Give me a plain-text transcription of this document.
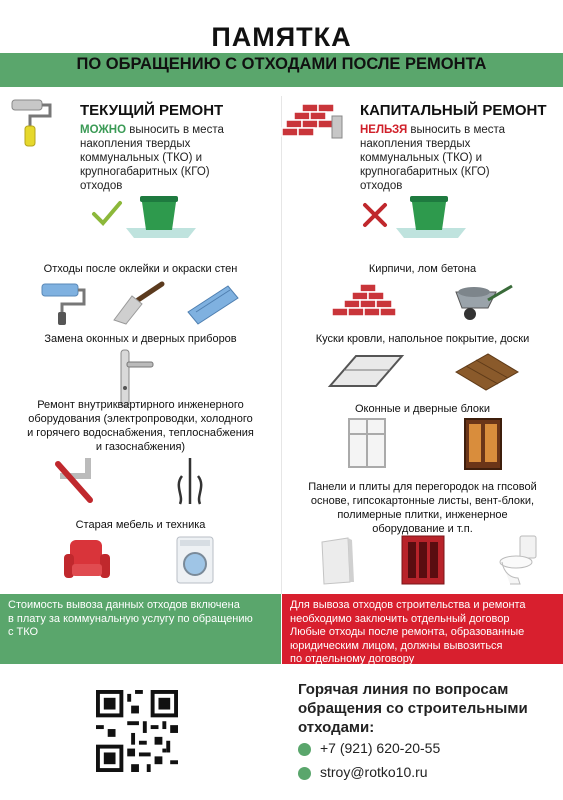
ПАМЯТКА
ПО ОБРАЩЕНИЮ С ОТХОДАМИ ПОСЛЕ РЕМОНТА
ТЕКУЩИЙ РЕМОНТ
МОЖНО выносить в места
накопления твердых
коммунальных (ТКО) и
крупногабаритных (КГО)
отходов
Отходы после оклейки и окраски стен
Замена оконных и дверных приборов
Ремонт внутриквартирного инженерного
оборудования (электропроводки, холодного
и горячего водоснабжения, теплоснабжения
и газоснабжения)
Старая мебель и техника
КАПИТАЛЬНЫЙ РЕМОНТ
НЕЛЬЗЯ выносить в места
накопления твердых
коммунальных (ТКО) и
крупногабаритных (КГО)
отходов
Кирпичи, лом бетона
Куски кровли, напольное покрытие, доски
Оконные и дверные блоки
Панели и плиты для перегородок на гпсовой
основе, гипсокартонные листы, вент-блоки,
полимерные плитки, инженерное
оборудование и т.п.
Стоимость вывоза данных отходов включена
в плату за коммунальную услугу по обращению
с ТКО
Для вывоза отходов строительства и ремонта
необходимо заключить отдельный договор
Любые отходы после ремонта, образованные
юридическим лицом, должны вывозиться
по отдельному договору
Горячая линия по вопросам
обращения со строительными
отходами:
+7 (921) 620-20-55
stroy@rotko10.ru
